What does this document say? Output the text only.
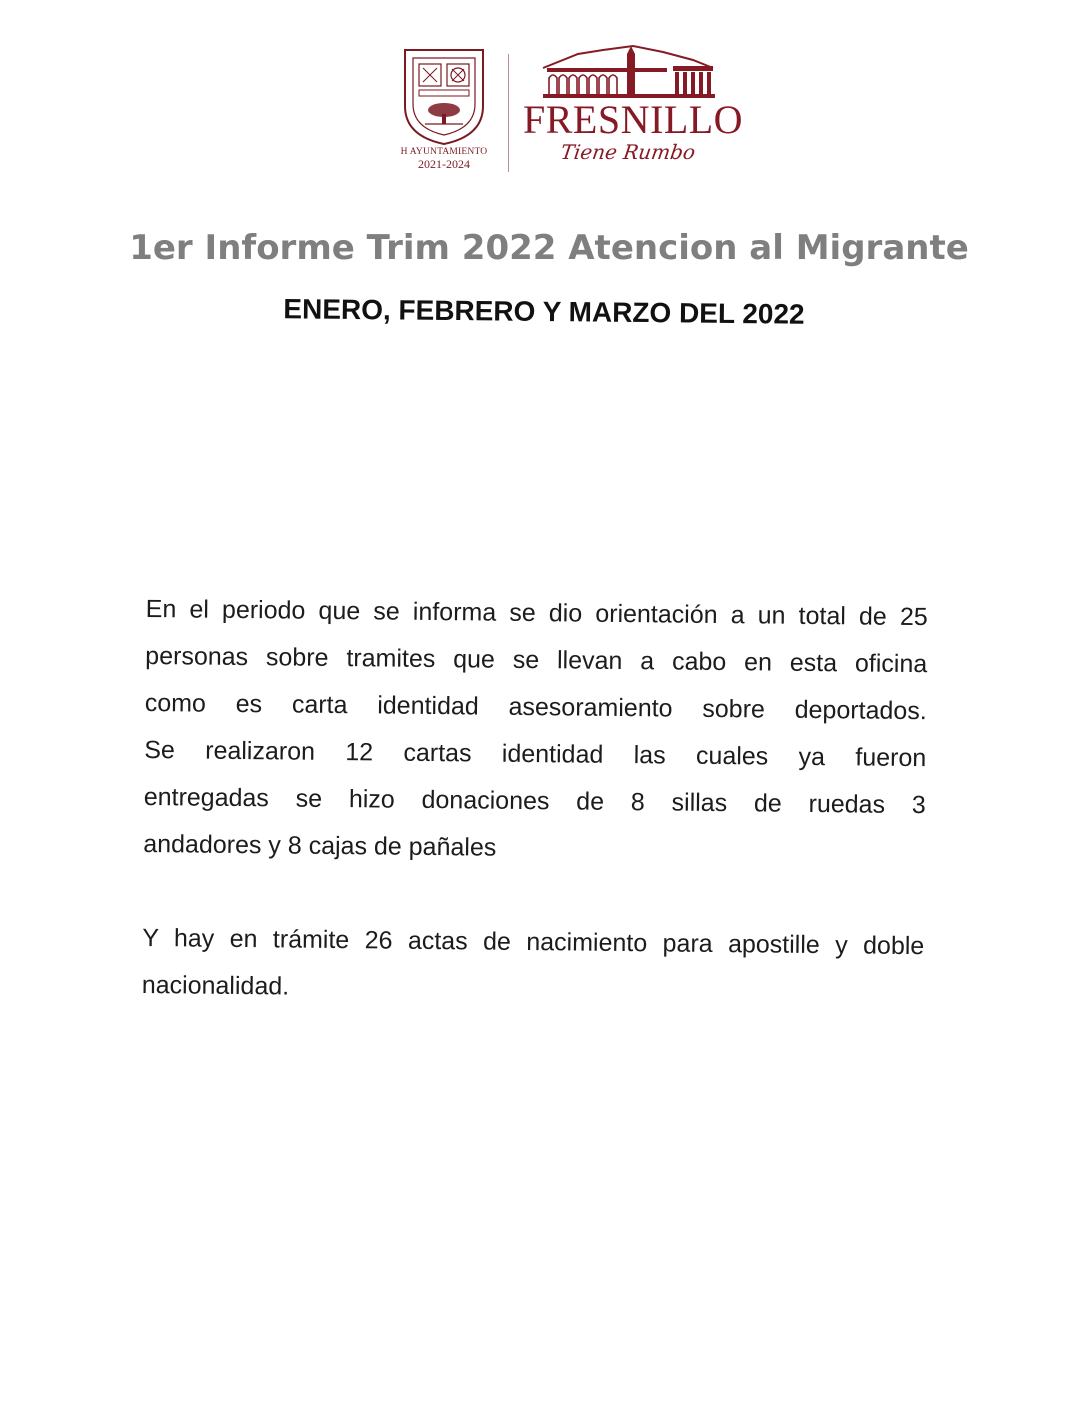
H AYUNTAMIENTO
2021-2024
FRESNILLO
Tiene Rumbo
1er Informe Trim 2022 Atencion al Migrante
ENERO, FEBRERO Y MARZO DEL 2022

En el periodo que se informa se dio orientación a un total de 25

personas sobre tramites que se llevan a cabo en esta oficina

como es carta identidad asesoramiento sobre deportados.

Se realizaron 12 cartas identidad las cuales ya fueron

entregadas se hizo donaciones de 8 sillas de ruedas 3

andadores y 8 cajas de pañales

Y hay en trámite 26 actas de nacimiento para apostille y doble

nacionalidad.
